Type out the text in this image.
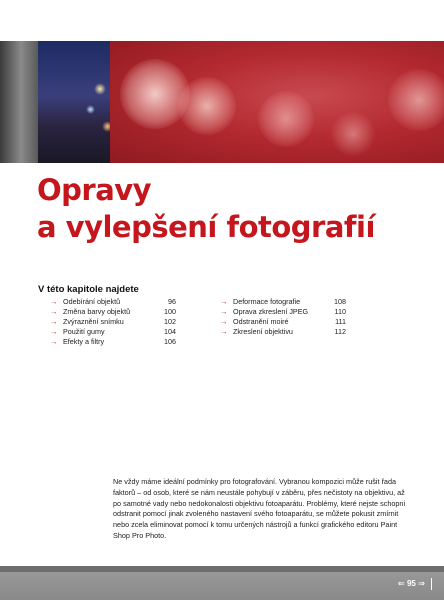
Opravy
a vylepšení fotografií
V této kapitole najdete
→ Odebírání objektů	96
→ Změna barvy objektů	100
→ Zvýraznění snímku	102
→ Použití gumy	104
→ Efekty a filtry	106
→ Deformace fotografie	108
→ Oprava zkreslení JPEG	110
→ Odstranění moiré	111
→ Zkreslení objektivu	112

Ne vždy máme ideální podmínky pro fotografování. Vybranou kompozici může rušit řada faktorů – od osob, které se nám neustále pohybují v záběru, přes nečistoty na objektivu, až po samotné vady nebo nedokonalosti objektivu fotoaparátu. Problémy, které nejste schopni odstranit pomocí jinak zvoleného nastavení svého fotoaparátu, se můžete pokusit zmírnit nebo zcela eliminovat pomocí k tomu určených nástrojů a funkcí grafického editoru Paint Shop Pro Photo.

⇐ 95 ⇒
